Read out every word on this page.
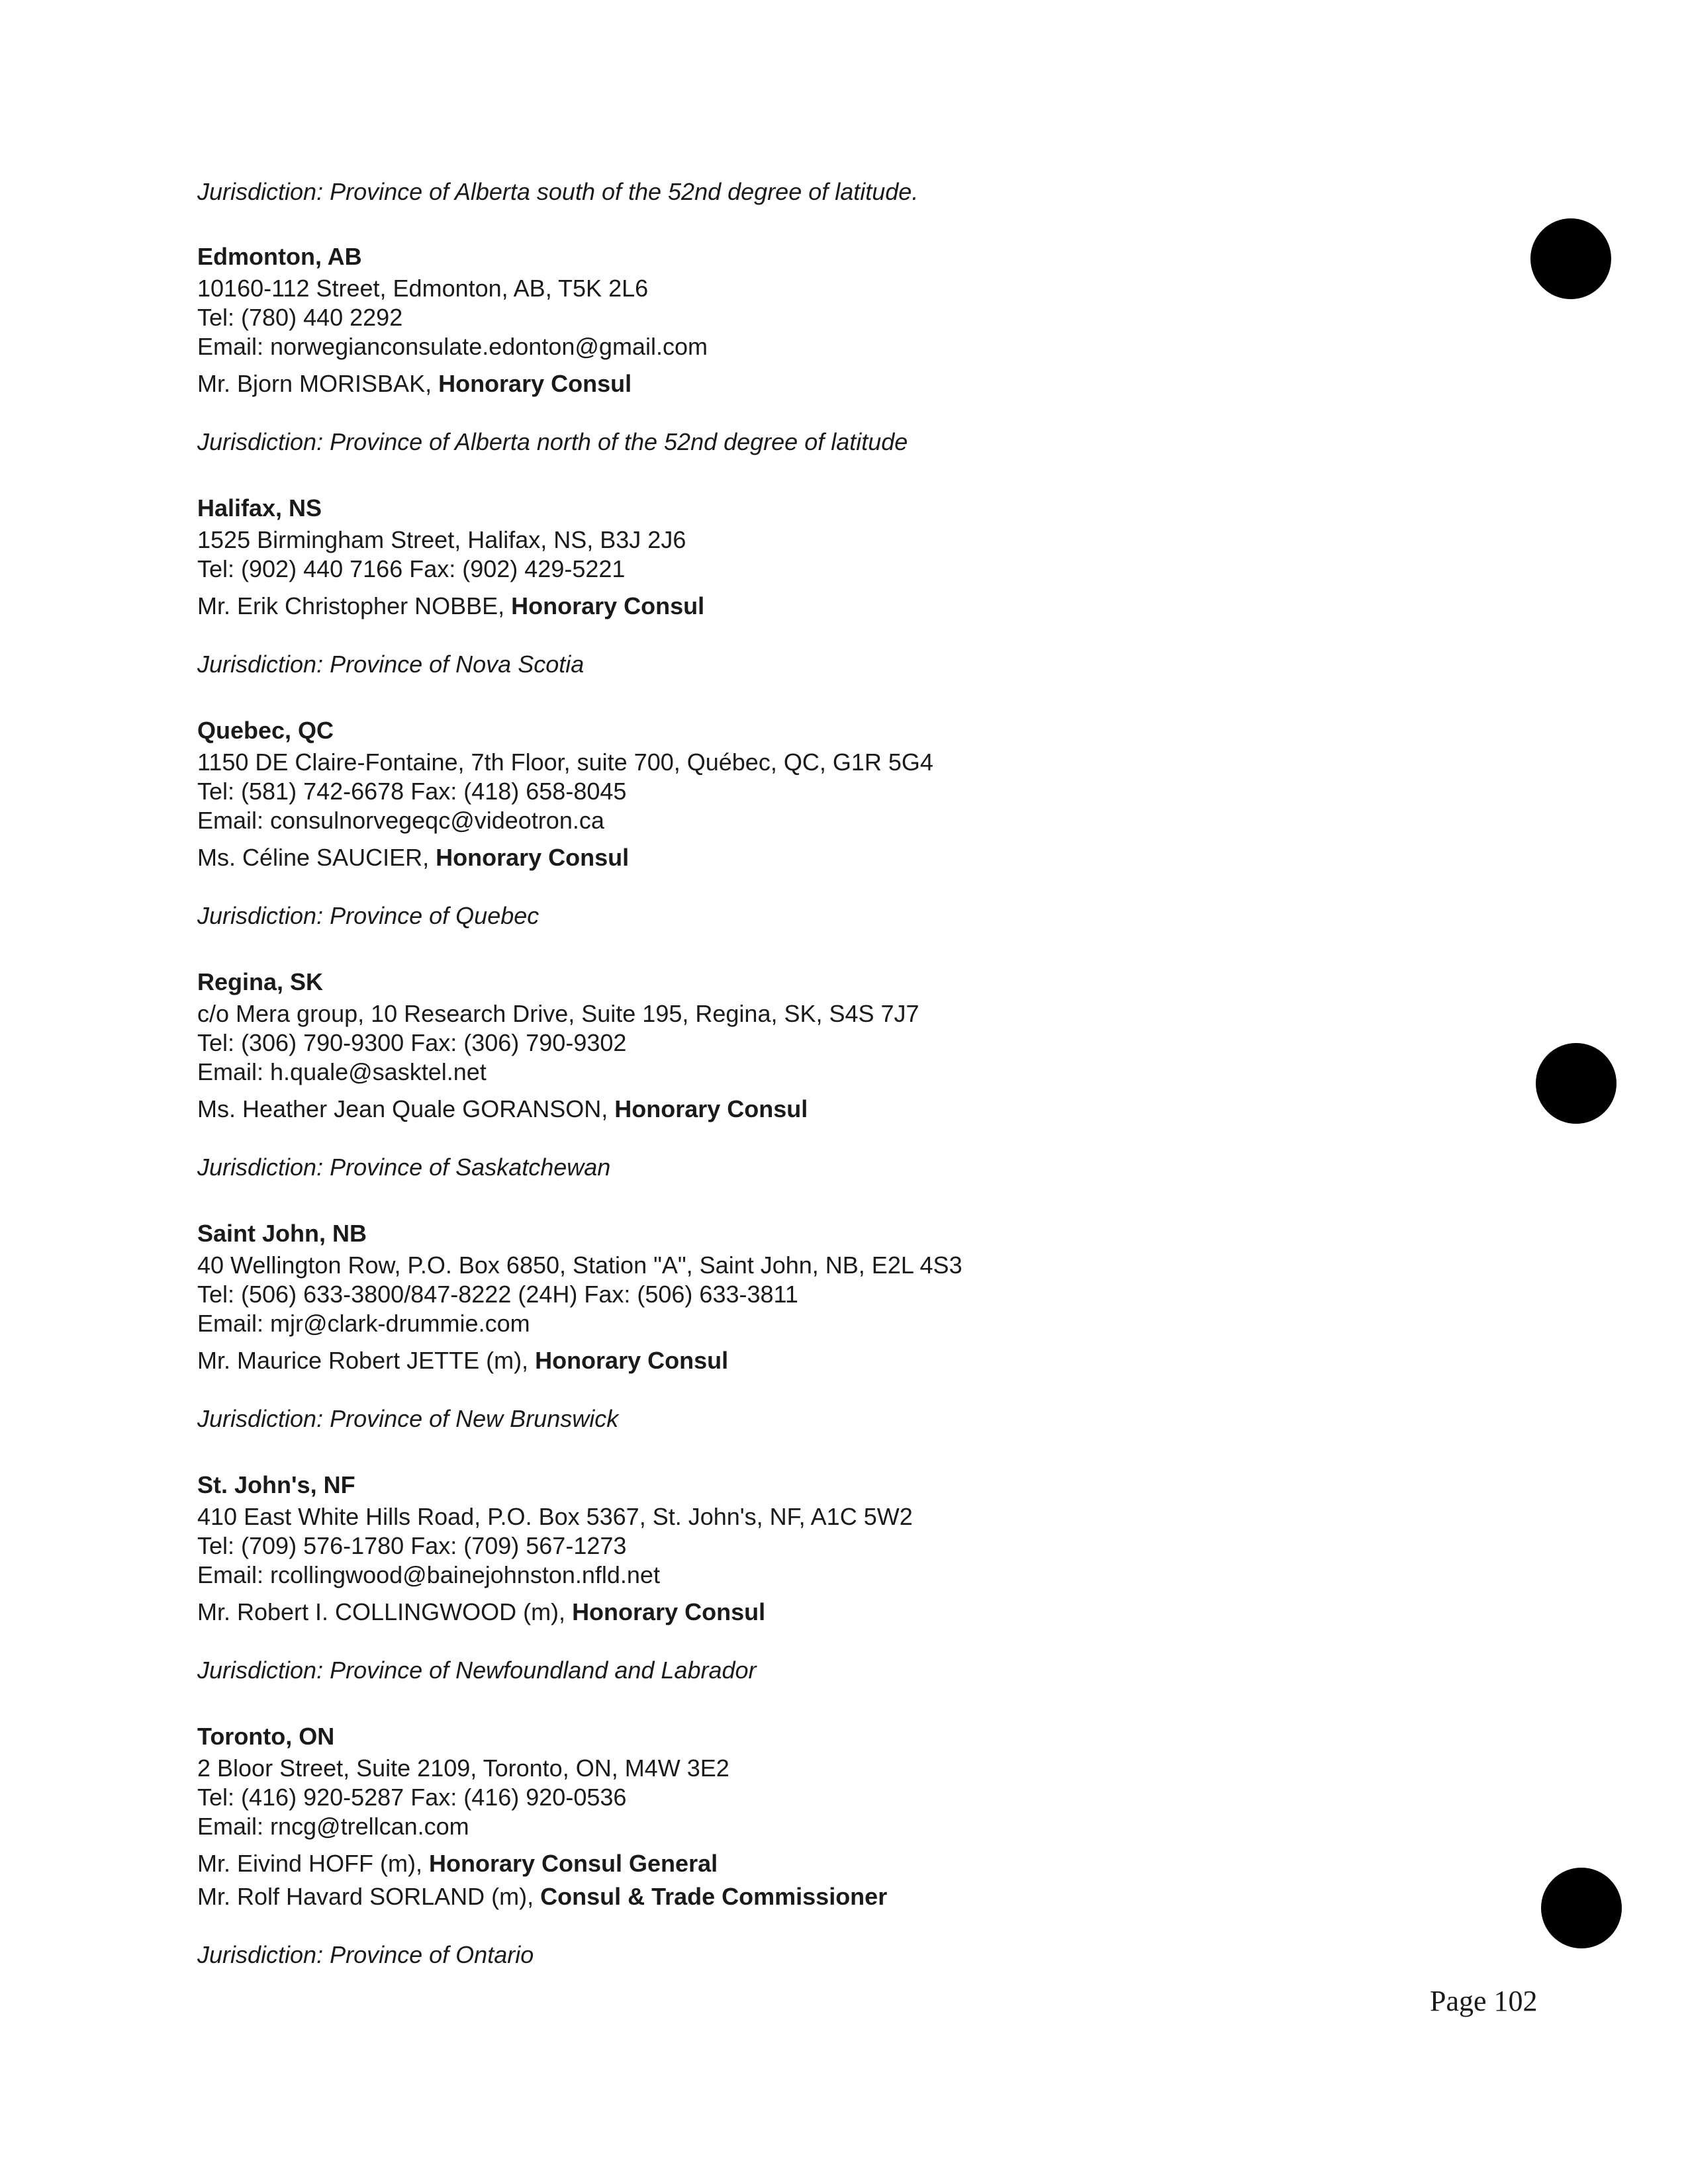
Jurisdiction: Province of Alberta south of the 52nd degree of latitude.
Edmonton, AB
10160-112 Street, Edmonton, AB, T5K 2L6
Tel: (780) 440 2292
Email: norwegianconsulate.edonton@gmail.com
Mr. Bjorn MORISBAK, Honorary Consul
Jurisdiction: Province of Alberta north of the 52nd degree of latitude
Halifax, NS
1525 Birmingham Street, Halifax, NS, B3J 2J6
Tel: (902) 440 7166 Fax: (902) 429-5221
Mr. Erik Christopher NOBBE, Honorary Consul
Jurisdiction: Province of Nova Scotia
Quebec, QC
1150 DE Claire-Fontaine, 7th Floor, suite 700, Québec, QC, G1R 5G4
Tel: (581) 742-6678 Fax: (418) 658-8045
Email: consulnorvegeqc@videotron.ca
Ms. Céline SAUCIER, Honorary Consul
Jurisdiction: Province of Quebec
Regina, SK
c/o Mera group, 10 Research Drive, Suite 195, Regina, SK, S4S 7J7
Tel: (306) 790-9300 Fax: (306) 790-9302
Email: h.quale@sasktel.net
Ms. Heather Jean Quale GORANSON, Honorary Consul
Jurisdiction: Province of Saskatchewan
Saint John, NB
40 Wellington Row, P.O. Box 6850, Station "A", Saint John, NB, E2L 4S3
Tel: (506) 633-3800/847-8222 (24H) Fax: (506) 633-3811
Email: mjr@clark-drummie.com
Mr. Maurice Robert JETTE (m), Honorary Consul
Jurisdiction: Province of New Brunswick
St. John's, NF
410 East White Hills Road, P.O. Box 5367, St. John's, NF, A1C 5W2
Tel: (709) 576-1780 Fax: (709) 567-1273
Email: rcollingwood@bainejohnston.nfld.net
Mr. Robert I. COLLINGWOOD (m), Honorary Consul
Jurisdiction: Province of Newfoundland and Labrador
Toronto, ON
2 Bloor Street, Suite 2109, Toronto, ON, M4W 3E2
Tel: (416) 920-5287 Fax: (416) 920-0536
Email: rncg@trellcan.com
Mr. Eivind HOFF (m), Honorary Consul General
Mr. Rolf Havard SORLAND (m), Consul & Trade Commissioner
Jurisdiction: Province of Ontario
Page 102
